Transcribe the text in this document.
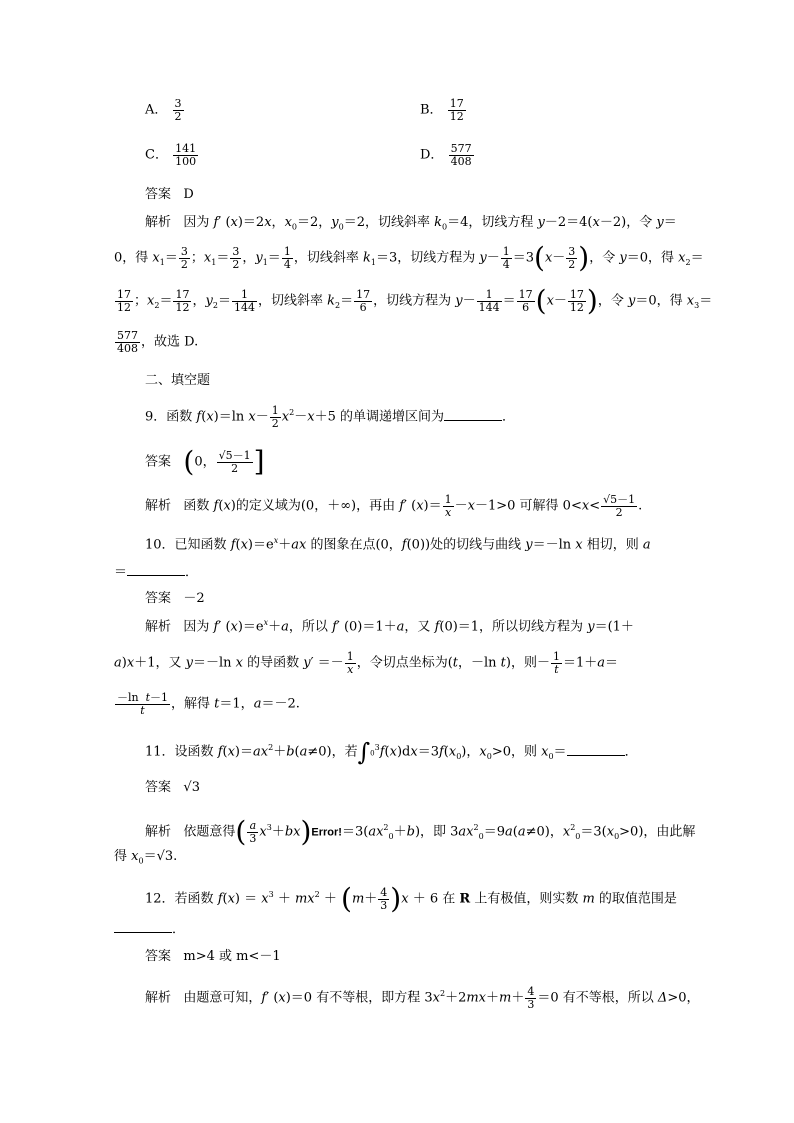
A． $\frac{3}{2}$	B． $\frac{17}{12}$
C． $\frac{141}{100}$	D． $\frac{577}{408}$
答案 D
解析   因为 f′ (x)＝2x，$x_0=2$，$y_0=2$，切线斜率 $k_0=4$，切线方程 y－2＝4(x－2)，令 y＝
0，得 $x_1= \frac{3}{2}$ ；$x_1= \frac{3}{2}$ ，$y_1= \frac{1}{4}$ ，切线斜率 $k_1=3$，切线方程为 $y- \frac{1}{4} =3(x- \frac{3}{2}$ )，令 y＝0，得 $x_2=$
$\frac{17}{12}$ ；$x_2= \frac{17}{12}$ ，$y_2= \frac{1}{144}$ ，切线斜率 $k_2= \frac{17}{6}$ ，切线方程为 $y- \frac{1}{144} = \frac{17}{6} (x- \frac{17}{12}$ )，令 y＝0，得 $x_3=$
$\frac{577}{408}$ ，故选 D.
二、填空题
9．函数 f(x)＝ln $x- \frac{1}{2} x^2-x+5$ 的单调递增区间为	．
答案 (0， $\frac{√5-1}{2}$ ]
解析   函数 f(x)的定义域为(0，＋∞)，再由 f′ $(x)= \frac{1}{x} -x-1>0$ 可解得 $0<x< \frac{√5-1}{2}$ .
10．已知函数 $f(x)=e^x+ax$ 的图象在点(0，f(0))处的切线与曲线 y＝－ln x 相切，则 a
＝	．
答案 －2
解析   因为 f′ $(x)=e^x+a$，所以 f′ (0)＝1＋a，又 f(0)＝1，所以切线方程为 y＝(1＋
a)x＋1，又 y＝－ln x 的导函数 $y' =- \frac{1}{x}$ ，令切点坐标为(t，－ln t)，则－ $\frac{1}{t} =1+a=$
$\frac{\text{－ln  t－1}}{t}$ ，解得 t＝1，a＝－2.
11．设函数 $f(x)=ax^2+b(a\ne 0)$，若$\int 0^3f(x)dx=3f(x_0)$，$x_0>0$，则 $x_0=$	．
答案 √3
解析   依题意得( $\frac{a}{3}$ $x^3+bx)Error!=3(ax^2_0+b)$，即 $3ax^2_0=9a(a\ne 0)$，$x^2_0=3(x_0>0)$，由此解
得 $x_0=√3$.
12．若函数 $f(x) = x^3 + mx^2 + (m+ \frac{4}{3} )x + 6$ 在 R 上有极值，则实数 m 的取值范围是
．
答案 m>4 或 m<－1
解析   由题意可知，f′ (x)＝0 有不等根，即方程 $3x^2+2mx+m+ \frac{4}{3} =0$ 有不等根，所以 Δ>0，
